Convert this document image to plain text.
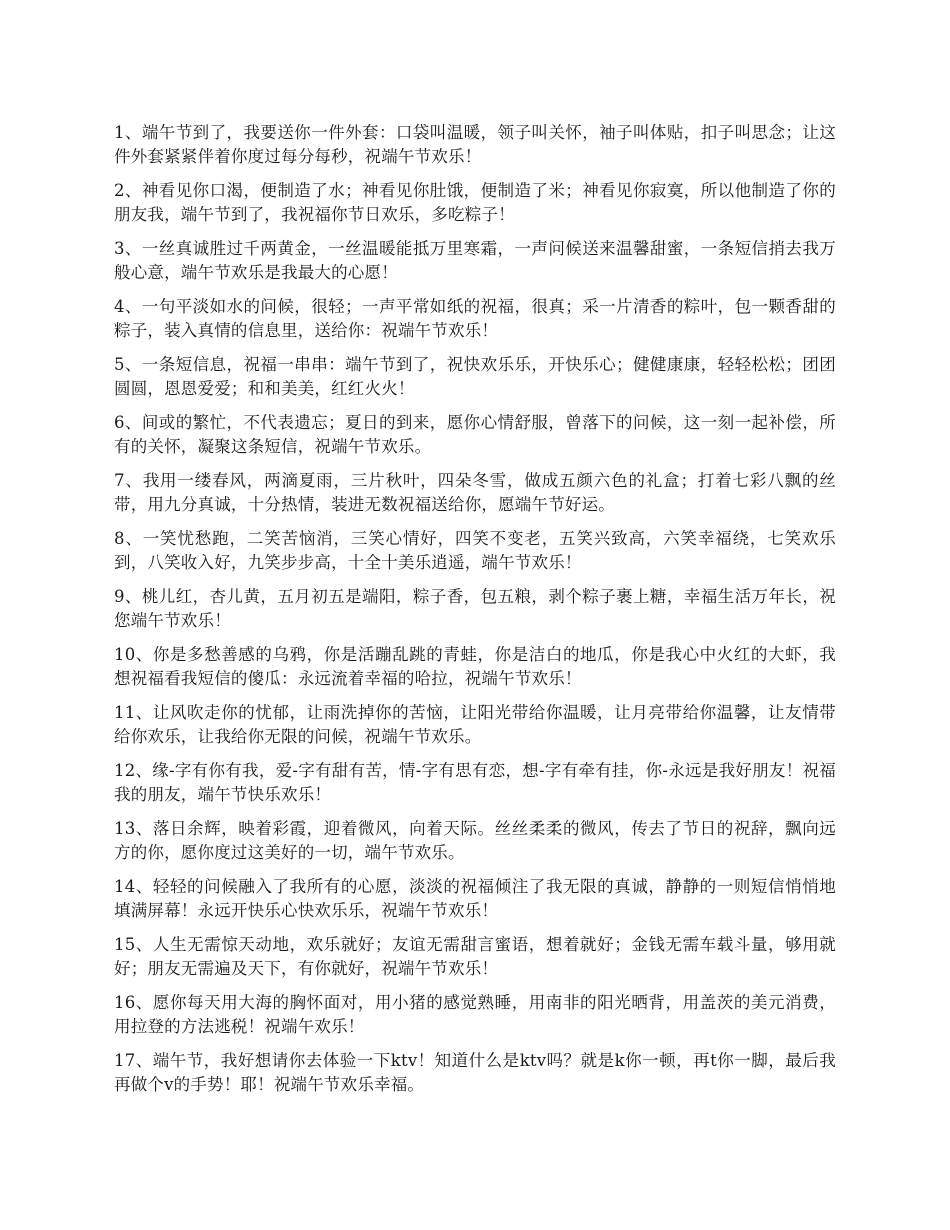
1、端午节到了，我要送你一件外套：口袋叫温暖，领子叫关怀，袖子叫体贴，扣子叫思念；让这件外套紧紧伴着你度过每分每秒，祝端午节欢乐！

2、神看见你口渴，便制造了水；神看见你肚饿，便制造了米；神看见你寂寞，所以他制造了你的朋友我，端午节到了，我祝福你节日欢乐，多吃粽子！

3、一丝真诚胜过千两黄金，一丝温暖能抵万里寒霜，一声问候送来温馨甜蜜，一条短信捎去我万般心意，端午节欢乐是我最大的心愿！

4、一句平淡如水的问候，很轻；一声平常如纸的祝福，很真；采一片清香的粽叶，包一颗香甜的粽子，装入真情的信息里，送给你：祝端午节欢乐！

5、一条短信息，祝福一串串：端午节到了，祝快欢乐乐，开快乐心；健健康康，轻轻松松；团团圆圆，恩恩爱爱；和和美美，红红火火！

6、间或的繁忙，不代表遗忘；夏日的到来，愿你心情舒服，曾落下的问候，这一刻一起补偿，所有的关怀，凝聚这条短信，祝端午节欢乐。

7、我用一缕春风，两滴夏雨，三片秋叶，四朵冬雪，做成五颜六色的礼盒；打着七彩八飘的丝带，用九分真诚，十分热情，装进无数祝福送给你，愿端午节好运。

8、一笑忧愁跑，二笑苦恼消，三笑心情好，四笑不变老，五笑兴致高，六笑幸福绕，七笑欢乐到，八笑收入好，九笑步步高，十全十美乐逍遥，端午节欢乐！

9、桃儿红，杏儿黄，五月初五是端阳，粽子香，包五粮，剥个粽子裹上糖，幸福生活万年长，祝您端午节欢乐！

10、你是多愁善感的乌鸦，你是活蹦乱跳的青蛙，你是洁白的地瓜，你是我心中火红的大虾，我想祝福看我短信的傻瓜：永远流着幸福的哈拉，祝端午节欢乐！

11、让风吹走你的忧郁，让雨洗掉你的苦恼，让阳光带给你温暖，让月亮带给你温馨，让友情带给你欢乐，让我给你无限的问候，祝端午节欢乐。

12、缘-字有你有我，爱-字有甜有苦，情-字有思有恋，想-字有牵有挂，你-永远是我好朋友！祝福我的朋友，端午节快乐欢乐！

13、落日余辉，映着彩霞，迎着微风，向着天际。丝丝柔柔的微风，传去了节日的祝辞，飘向远方的你，愿你度过这美好的一切，端午节欢乐。

14、轻轻的问候融入了我所有的心愿，淡淡的祝福倾注了我无限的真诚，静静的一则短信悄悄地填满屏幕！永远开快乐心快欢乐乐，祝端午节欢乐！

15、人生无需惊天动地，欢乐就好；友谊无需甜言蜜语，想着就好；金钱无需车载斗量，够用就好；朋友无需遍及天下，有你就好，祝端午节欢乐！

16、愿你每天用大海的胸怀面对，用小猪的感觉熟睡，用南非的阳光晒背，用盖茨的美元消费，用拉登的方法逃税！祝端午欢乐！

17、端午节，我好想请你去体验一下ktv！知道什么是ktv吗？就是k你一顿，再t你一脚，最后我再做个v的手势！耶！祝端午节欢乐幸福。
